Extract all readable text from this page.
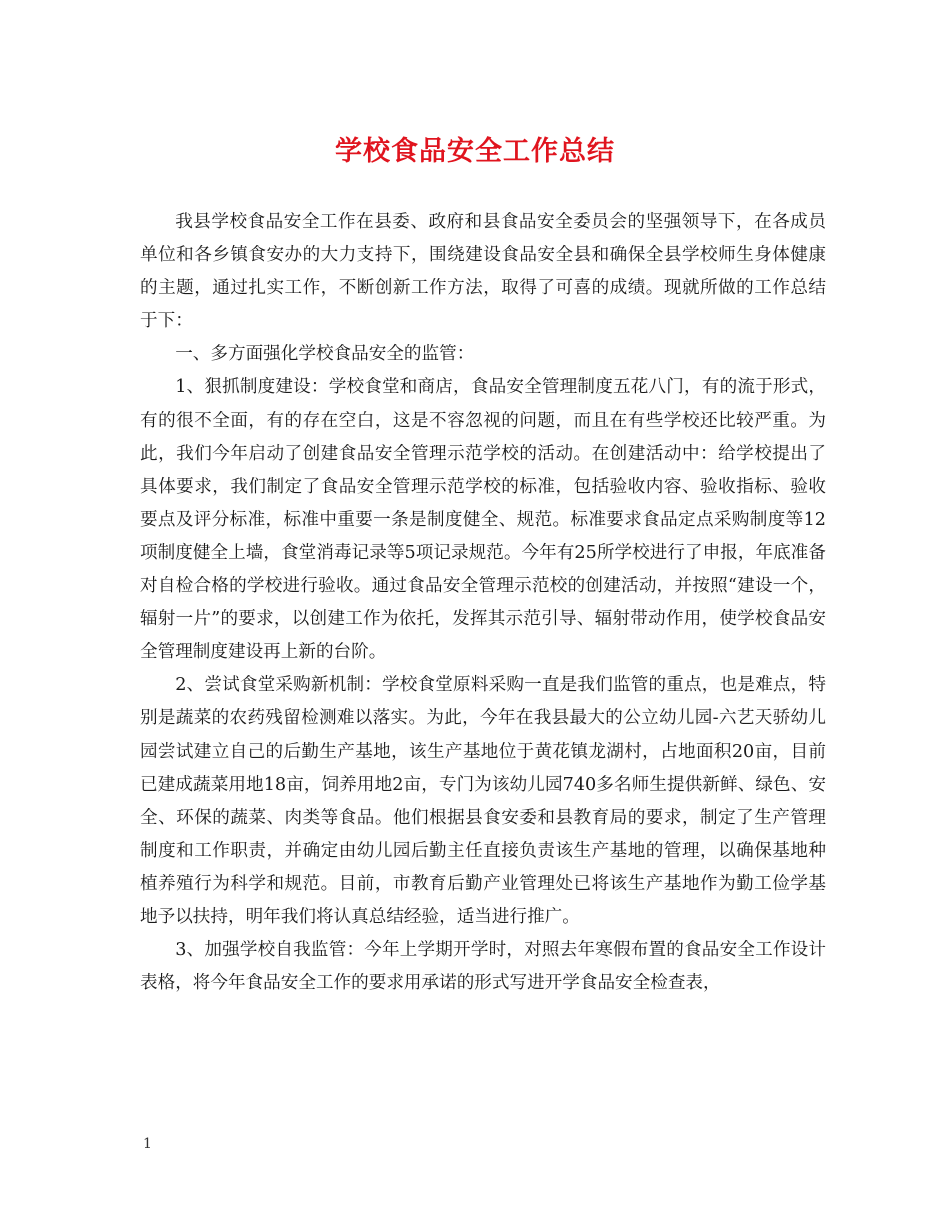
学校食品安全工作总结

我县学校食品安全工作在县委、政府和县食品安全委员会的坚强领导下，在各成员单位和各乡镇食安办的大力支持下，围绕建设食品安全县和确保全县学校师生身体健康的主题，通过扎实工作，不断创新工作方法，取得了可喜的成绩。现就所做的工作总结于下：

一、多方面强化学校食品安全的监管：

1、狠抓制度建设：学校食堂和商店，食品安全管理制度五花八门，有的流于形式，有的很不全面，有的存在空白，这是不容忽视的问题，而且在有些学校还比较严重。为此，我们今年启动了创建食品安全管理示范学校的活动。在创建活动中：给学校提出了具体要求，我们制定了食品安全管理示范学校的标准，包括验收内容、验收指标、验收要点及评分标准，标准中重要一条是制度健全、规范。标准要求食品定点采购制度等12项制度健全上墙，食堂消毒记录等5项记录规范。今年有25所学校进行了申报，年底准备对自检合格的学校进行验收。通过食品安全管理示范校的创建活动，并按照“建设一个，辐射一片”的要求，以创建工作为依托，发挥其示范引导、辐射带动作用，使学校食品安全管理制度建设再上新的台阶。

2、尝试食堂采购新机制：学校食堂原料采购一直是我们监管的重点，也是难点，特别是蔬菜的农药残留检测难以落实。为此，今年在我县最大的公立幼儿园-六艺天骄幼儿园尝试建立自己的后勤生产基地，该生产基地位于黄花镇龙湖村，占地面积20亩，目前已建成蔬菜用地18亩，饲养用地2亩，专门为该幼儿园740多名师生提供新鲜、绿色、安全、环保的蔬菜、肉类等食品。他们根据县食安委和县教育局的要求，制定了生产管理制度和工作职责，并确定由幼儿园后勤主任直接负责该生产基地的管理，以确保基地种植养殖行为科学和规范。目前，市教育后勤产业管理处已将该生产基地作为勤工俭学基地予以扶持，明年我们将认真总结经验，适当进行推广。

3、加强学校自我监管：今年上学期开学时，对照去年寒假布置的食品安全工作设计表格，将今年食品安全工作的要求用承诺的形式写进开学食品安全检查表，

1
